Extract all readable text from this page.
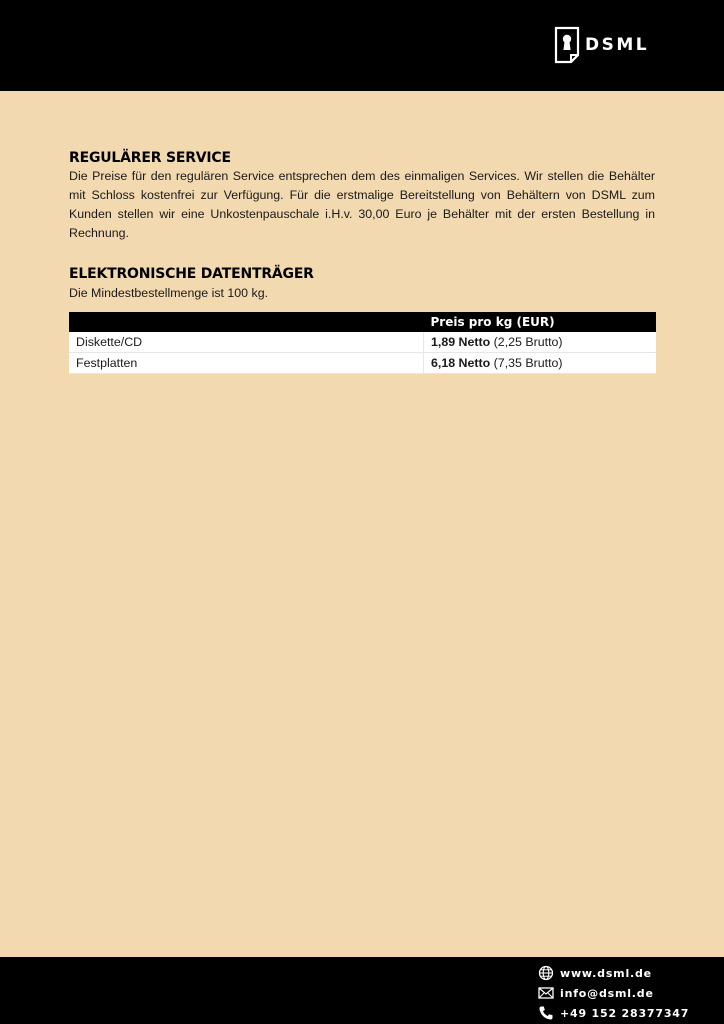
DSML
REGULÄRER SERVICE

Die Preise für den regulären Service entsprechen dem des einmaligen Services. Wir stellen die Behälter mit Schloss kostenfrei zur Verfügung. Für die erstmalige Bereitstellung von Behältern von DSML zum Kunden stellen wir eine Unkostenpauschale i.H.v. 30,00 Euro je Behälter mit der ersten Bestellung in Rechnung.

ELEKTRONISCHE DATENTRÄGER

Die Mindestbestellmenge ist 100 kg.

	Preis pro kg (EUR)
Diskette/CD	1,89 Netto (2,25 Brutto)
Festplatten	6,18 Netto (7,35 Brutto)
www.dsml.de
info@dsml.de
+49 152 28377347
